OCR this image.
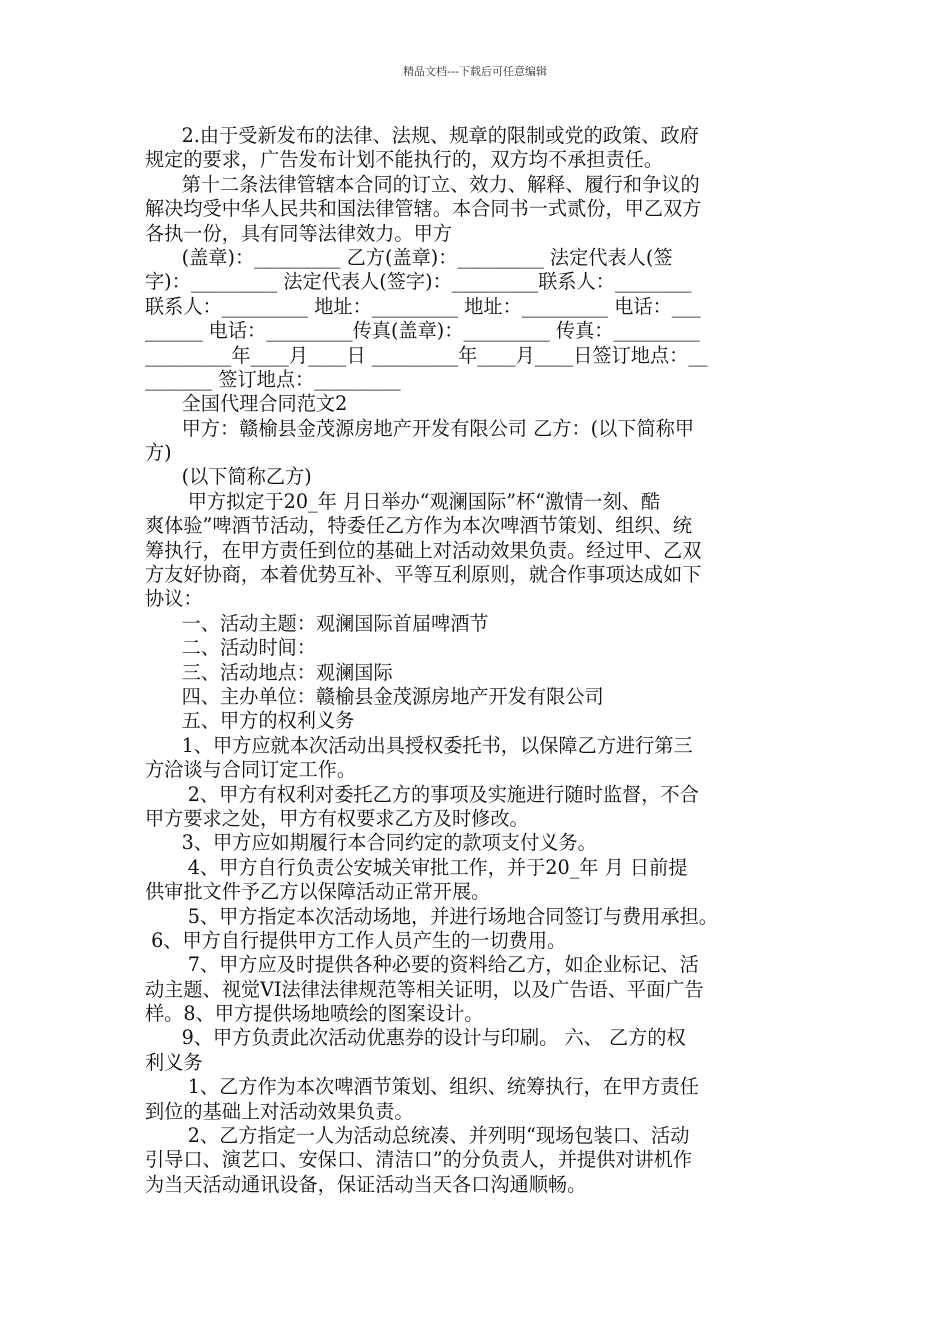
精品文档---下载后可任意编辑
2.由于受新发布的法律、法规、规章的限制或党的政策、政府
规定的要求，广告发布计划不能执行的，双方均不承担责任。
第十二条法律管辖本合同的订立、效力、解释、履行和争议的
解决均受中华人民共和国法律管辖。本合同书一式贰份，甲乙双方
各执一份，具有同等法律效力。甲方
(盖章)：_________ 乙方(盖章)：_________ 法定代表人(签
字)：_________ 法定代表人(签字)：_________联系人：________
联系人：_________ 地址：_________ 地址：_________ 电话：___
______ 电话：_________传真(盖章)：_________ 传真：_________
_________年____月____日 _________年____月____日签订地点：__
_______ 签订地点：_________
全国代理合同范文2
甲方：赣榆县金茂源房地产开发有限公司 乙方：(以下简称甲
方)
(以下简称乙方)
甲方拟定于20_年 月日举办“观澜国际”杯“激情一刻、酷
爽体验”啤酒节活动，特委任乙方作为本次啤酒节策划、组织、统
筹执行，在甲方责任到位的基础上对活动效果负责。经过甲、乙双
方友好协商，本着优势互补、平等互利原则，就合作事项达成如下
协议：
一、活动主题：观澜国际首届啤酒节
二、活动时间：
三、活动地点：观澜国际
四、主办单位：赣榆县金茂源房地产开发有限公司
五、甲方的权利义务
1、甲方应就本次活动出具授权委托书，以保障乙方进行第三
方洽谈与合同订定工作。
2、甲方有权利对委托乙方的事项及实施进行随时监督，不合
甲方要求之处，甲方有权要求乙方及时修改。
3、甲方应如期履行本合同约定的款项支付义务。
4、甲方自行负责公安城关审批工作，并于20_年 月 日前提
供审批文件予乙方以保障活动正常开展。
5、甲方指定本次活动场地，并进行场地合同签订与费用承担。
6、甲方自行提供甲方工作人员产生的一切费用。
7、甲方应及时提供各种必要的资料给乙方，如企业标记、活
动主题、视觉VI法律法律规范等相关证明，以及广告语、平面广告
样。8、甲方提供场地喷绘的图案设计。
9、甲方负责此次活动优惠券的设计与印刷。 六、 乙方的权
利义务
1、乙方作为本次啤酒节策划、组织、统筹执行，在甲方责任
到位的基础上对活动效果负责。
2、乙方指定一人为活动总统凑、并列明“现场包装口、活动
引导口、演艺口、安保口、清洁口”的分负责人，并提供对讲机作
为当天活动通讯设备，保证活动当天各口沟通顺畅。
